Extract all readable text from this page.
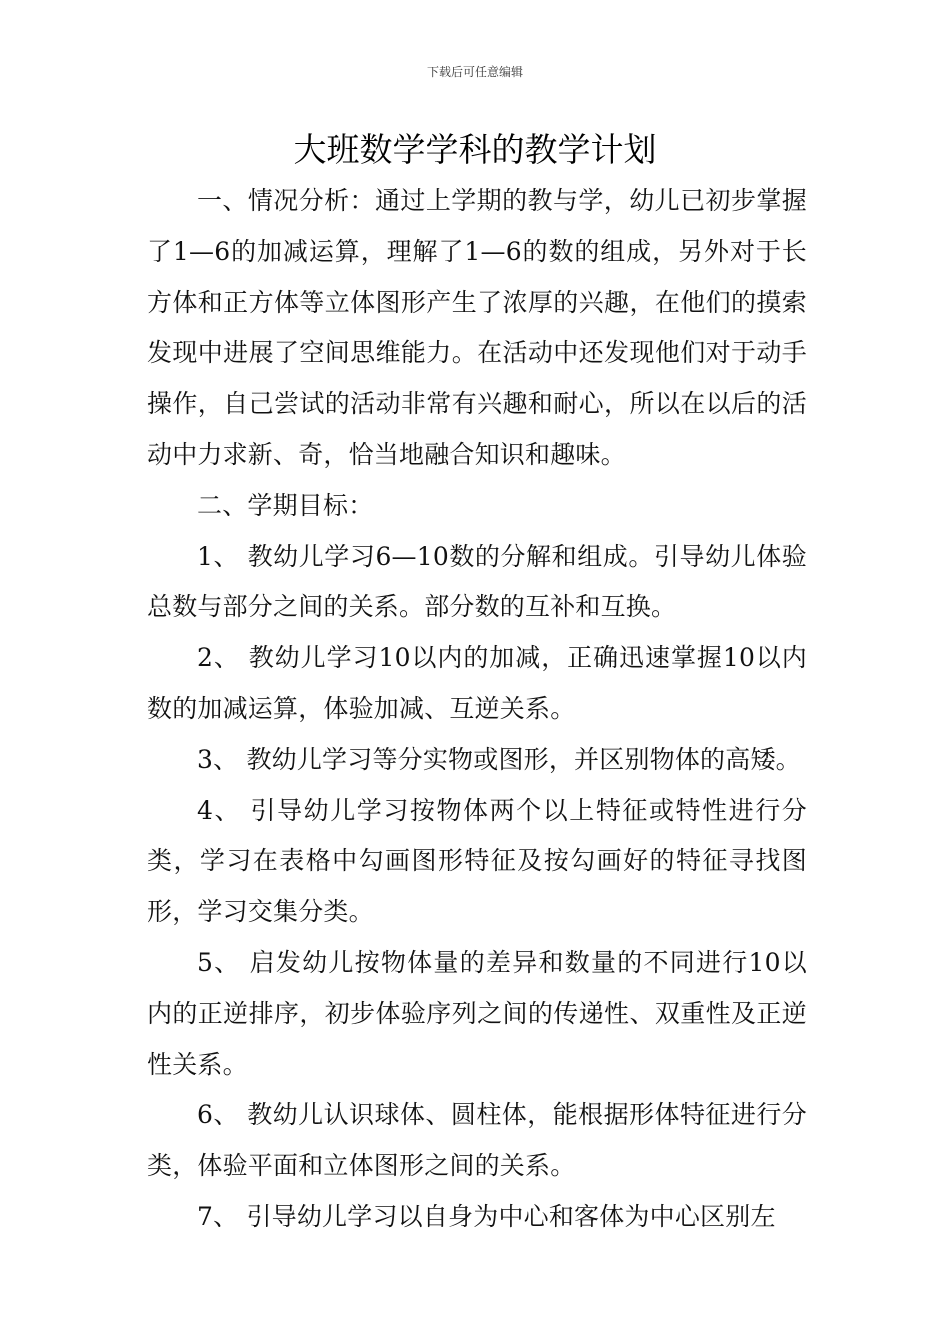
下载后可任意编辑
大班数学学科的教学计划

一、情况分析：通过上学期的教与学，幼儿已初步掌握了1—6的加减运算，理解了1—6的数的组成，另外对于长方体和正方体等立体图形产生了浓厚的兴趣，在他们的摸索发现中进展了空间思维能力。在活动中还发现他们对于动手操作，自己尝试的活动非常有兴趣和耐心，所以在以后的活动中力求新、奇，恰当地融合知识和趣味。

二、学期目标：

1、 教幼儿学习6—10数的分解和组成。引导幼儿体验总数与部分之间的关系。部分数的互补和互换。

2、 教幼儿学习10以内的加减，正确迅速掌握10以内数的加减运算，体验加减、互逆关系。

3、 教幼儿学习等分实物或图形，并区别物体的高矮。

4、 引导幼儿学习按物体两个以上特征或特性进行分类，学习在表格中勾画图形特征及按勾画好的特征寻找图形，学习交集分类。

5、 启发幼儿按物体量的差异和数量的不同进行10以内的正逆排序，初步体验序列之间的传递性、双重性及正逆性关系。

6、 教幼儿认识球体、圆柱体，能根据形体特征进行分类，体验平面和立体图形之间的关系。

7、 引导幼儿学习以自身为中心和客体为中心区别左
